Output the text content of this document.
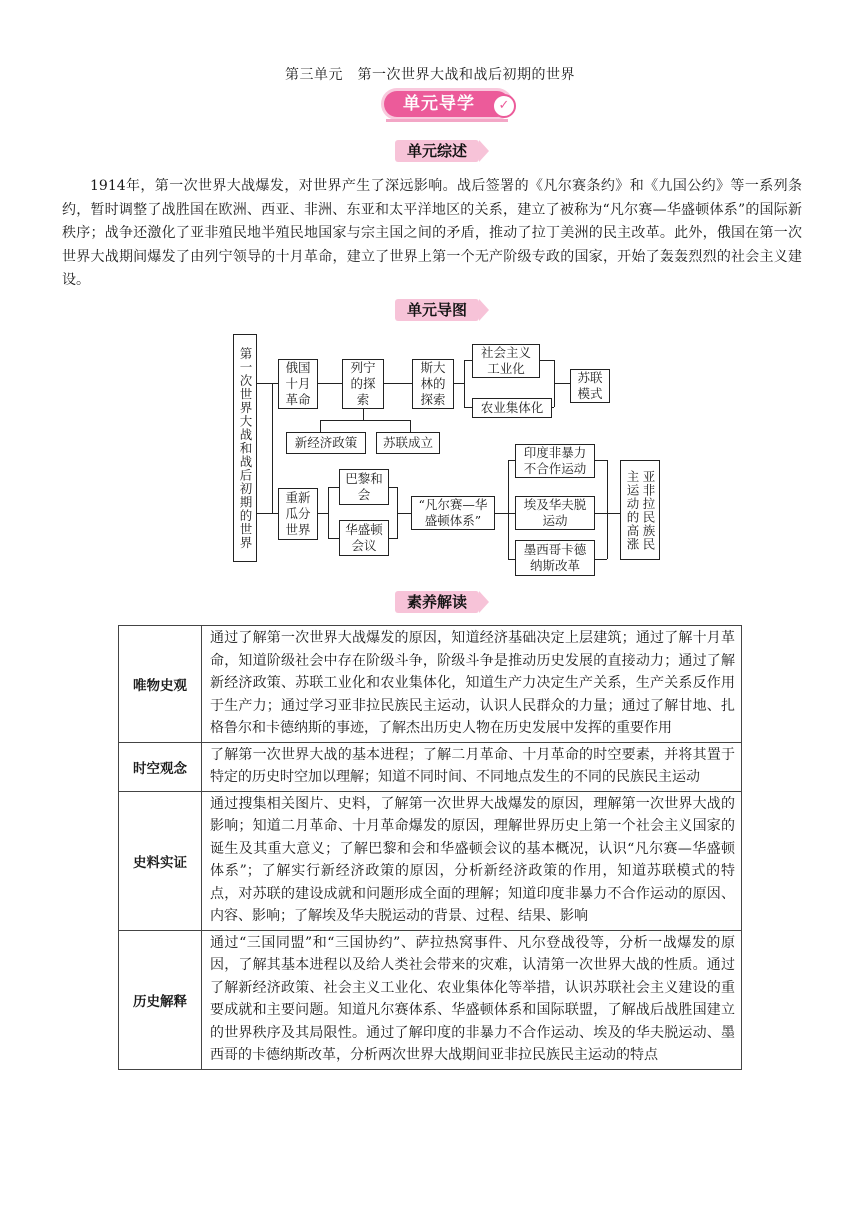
第三单元　第一次世界大战和战后初期的世界
单元导学	✓
单元综述
1914年，第一次世界大战爆发，对世界产生了深远影响。战后签署的《凡尔赛条约》和《九国公约》等一系列条约，暂时调整了战胜国在欧洲、西亚、非洲、东亚和太平洋地区的关系，建立了被称为“凡尔赛—华盛顿体系”的国际新秩序；战争还激化了亚非殖民地半殖民地国家与宗主国之间的矛盾，推动了拉丁美洲的民主改革。此外，俄国在第一次世界大战期间爆发了由列宁领导的十月革命，建立了世界上第一个无产阶级专政的国家，开始了轰轰烈烈的社会主义建设。
单元导图
第一次世界大战和战后初期的世界	俄国十月革命
列宁的探索
斯大林的探索
社会主义工业化
农业集体化
苏联模式
新经济政策	苏联成立
重新瓜分世界
巴黎和会
华盛顿会议
“凡尔赛—华盛顿体系”
印度非暴力不合作运动
埃及华夫脱运动
墨西哥卡德纳斯改革
亚非拉民族民主运动的高涨
素养解读
唯物史观	通过了解第一次世界大战爆发的原因，知道经济基础决定上层建筑；通过了解十月革命，知道阶级社会中存在阶级斗争，阶级斗争是推动历史发展的直接动力；通过了解新经济政策、苏联工业化和农业集体化，知道生产力决定生产关系，生产关系反作用于生产力；通过学习亚非拉民族民主运动，认识人民群众的力量；通过了解甘地、扎格鲁尔和卡德纳斯的事迹，了解杰出历史人物在历史发展中发挥的重要作用
时空观念	了解第一次世界大战的基本进程；了解二月革命、十月革命的时空要素，并将其置于特定的历史时空加以理解；知道不同时间、不同地点发生的不同的民族民主运动
史料实证	通过搜集相关图片、史料，了解第一次世界大战爆发的原因，理解第一次世界大战的影响；知道二月革命、十月革命爆发的原因，理解世界历史上第一个社会主义国家的诞生及其重大意义；了解巴黎和会和华盛顿会议的基本概况，认识“凡尔赛—华盛顿体系”；了解实行新经济政策的原因，分析新经济政策的作用，知道苏联模式的特点，对苏联的建设成就和问题形成全面的理解；知道印度非暴力不合作运动的原因、内容、影响；了解埃及华夫脱运动的背景、过程、结果、影响
历史解释	通过“三国同盟”和“三国协约”、萨拉热窝事件、凡尔登战役等，分析一战爆发的原因，了解其基本进程以及给人类社会带来的灾难，认清第一次世界大战的性质。通过了解新经济政策、社会主义工业化、农业集体化等举措，认识苏联社会主义建设的重要成就和主要问题。知道凡尔赛体系、华盛顿体系和国际联盟，了解战后战胜国建立的世界秩序及其局限性。通过了解印度的非暴力不合作运动、埃及的华夫脱运动、墨西哥的卡德纳斯改革，分析两次世界大战期间亚非拉民族民主运动的特点
